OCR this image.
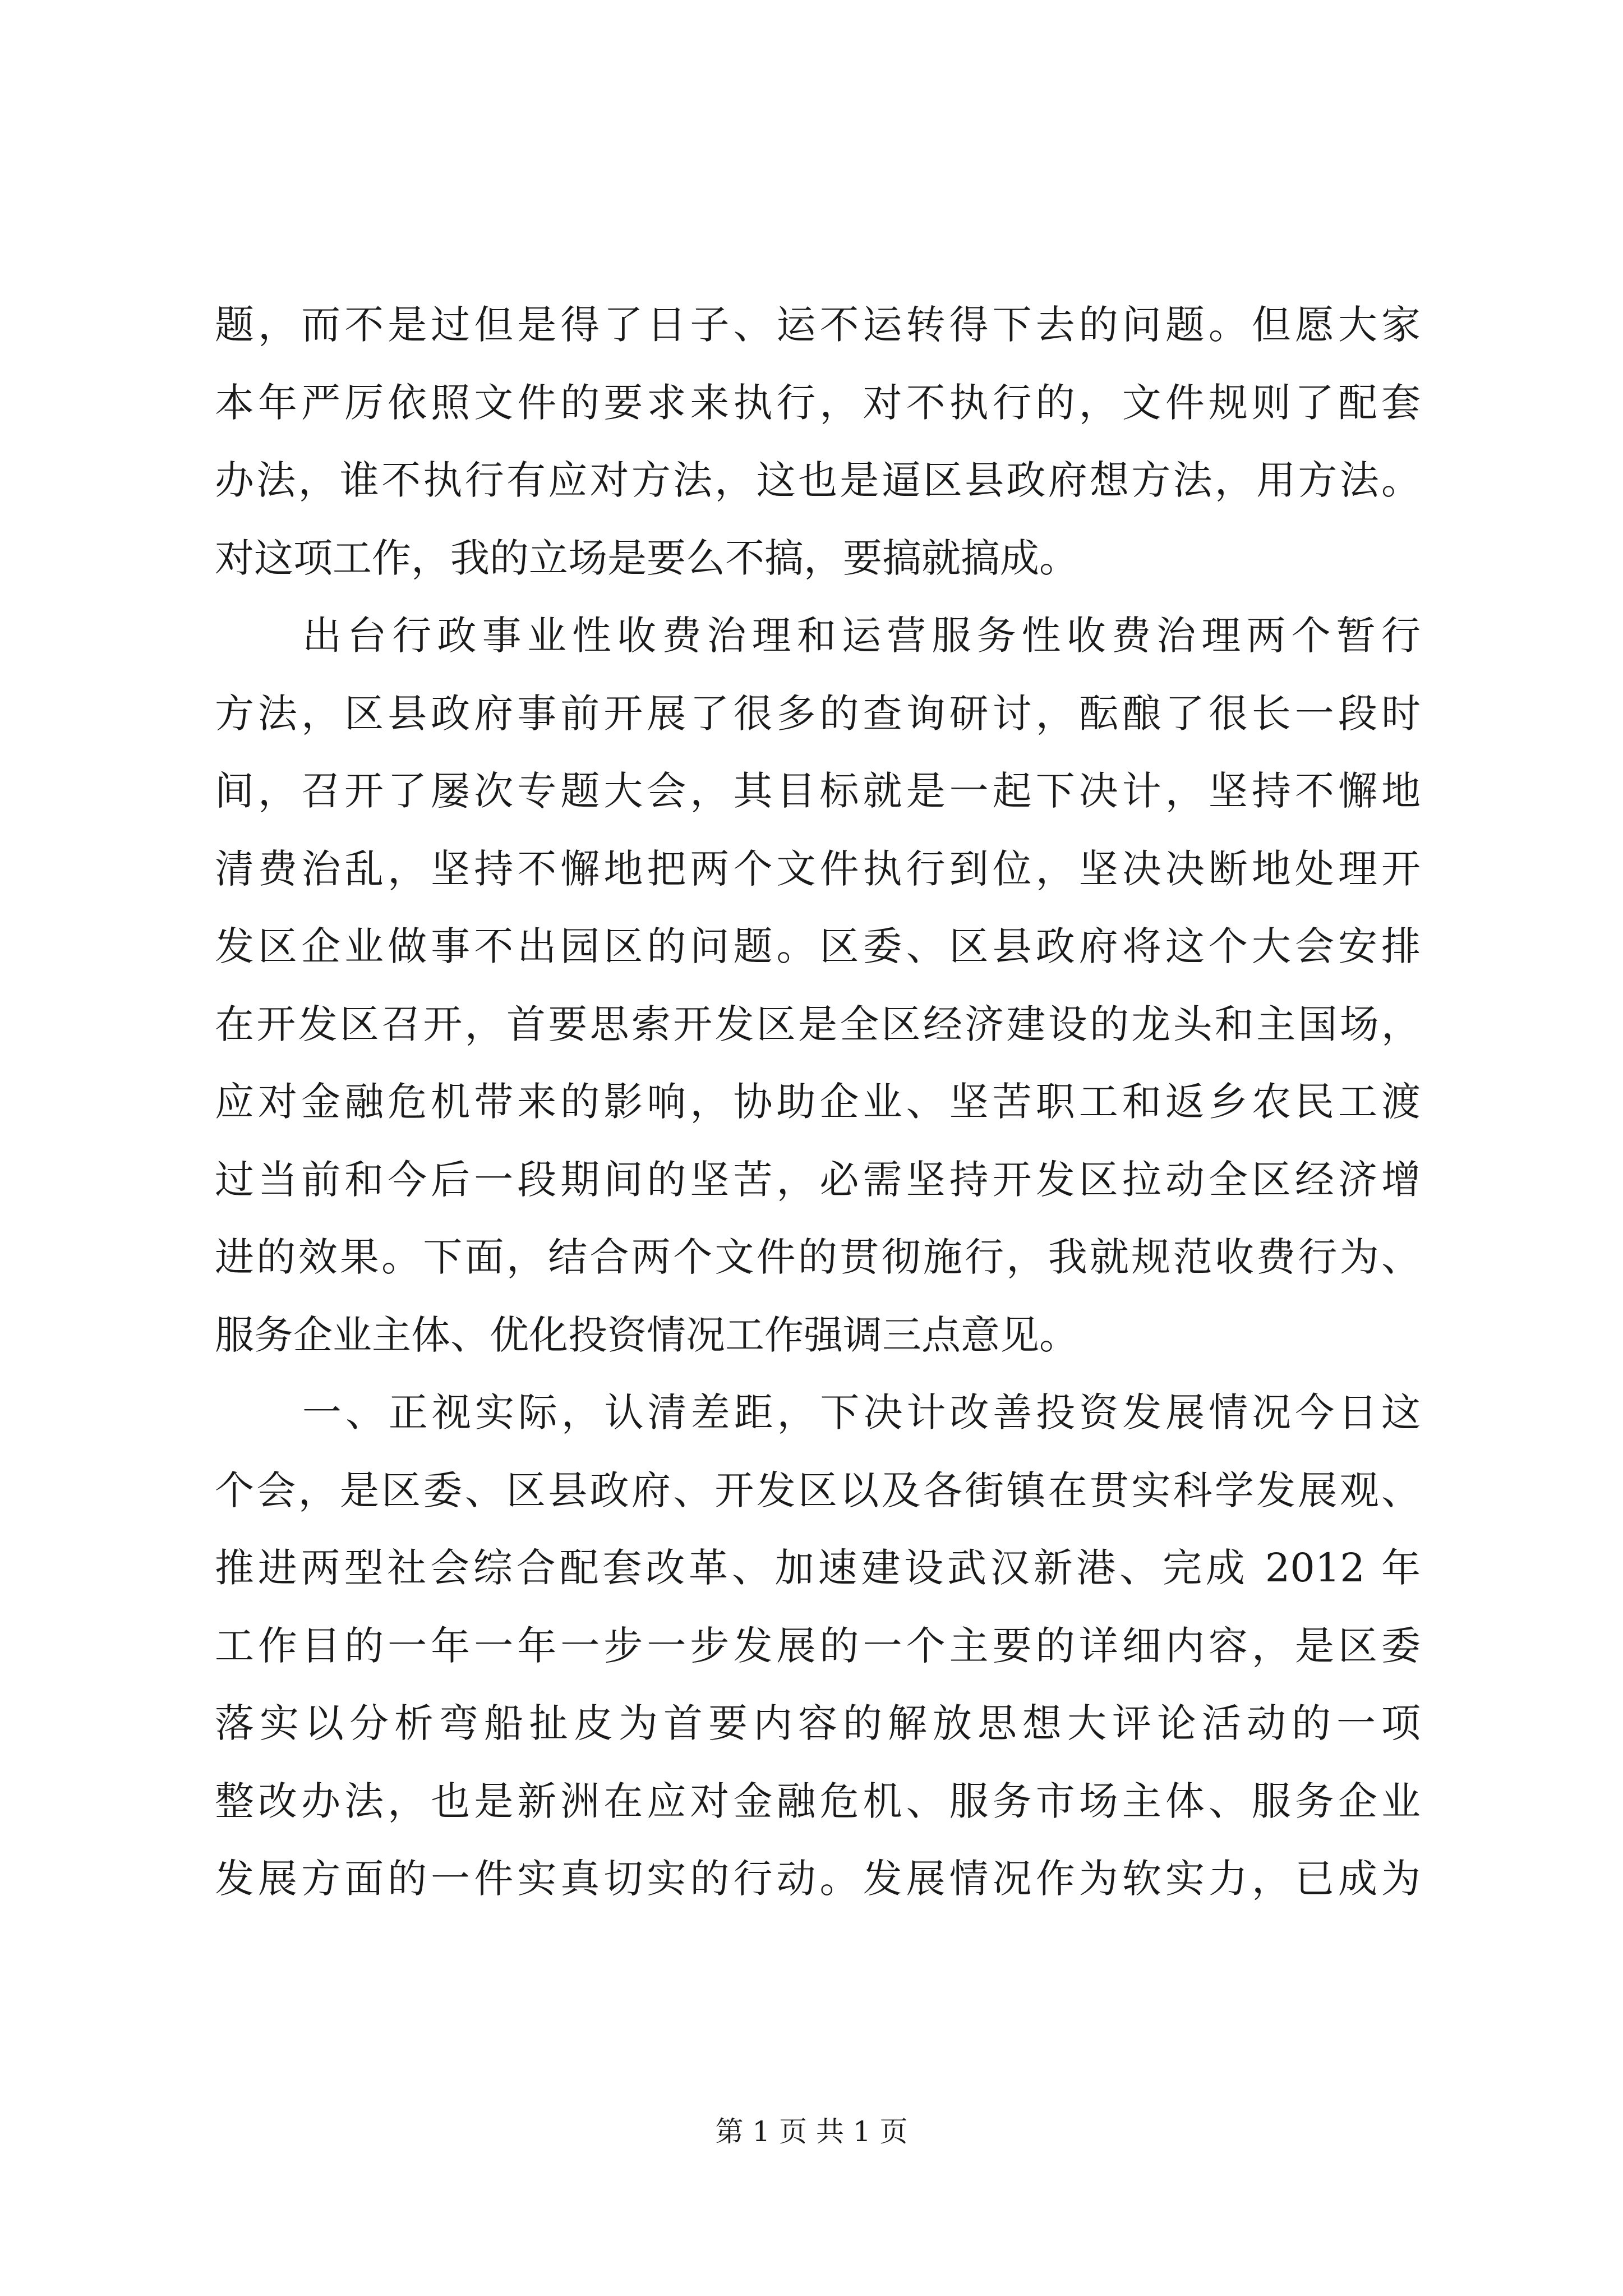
题，而不是过但是得了日子、运不运转得下去的问题。但愿大家
本年严厉依照文件的要求来执行，对不执行的，文件规则了配套
办法，谁不执行有应对方法，这也是逼区县政府想方法，用方法。
对这项工作，我的立场是要么不搞，要搞就搞成。
出台行政事业性收费治理和运营服务性收费治理两个暂行
方法，区县政府事前开展了很多的查询研讨，酝酿了很长一段时
间，召开了屡次专题大会，其目标就是一起下决计，坚持不懈地
清费治乱，坚持不懈地把两个文件执行到位，坚决决断地处理开
发区企业做事不出园区的问题。区委、区县政府将这个大会安排
在开发区召开，首要思索开发区是全区经济建设的龙头和主国场，
应对金融危机带来的影响，协助企业、坚苦职工和返乡农民工渡
过当前和今后一段期间的坚苦，必需坚持开发区拉动全区经济增
进的效果。下面，结合两个文件的贯彻施行，我就规范收费行为、
服务企业主体、优化投资情况工作强调三点意见。
一、正视实际，认清差距，下决计改善投资发展情况今日这
个会，是区委、区县政府、开发区以及各街镇在贯实科学发展观、
推进两型社会综合配套改革、加速建设武汉新港、完成 2012 年
工作目的一年一年一步一步发展的一个主要的详细内容，是区委
落实以分析弯船扯皮为首要内容的解放思想大评论活动的一项
整改办法，也是新洲在应对金融危机、服务市场主体、服务企业
发展方面的一件实真切实的行动。发展情况作为软实力，已成为
第 1 页 共 1 页
